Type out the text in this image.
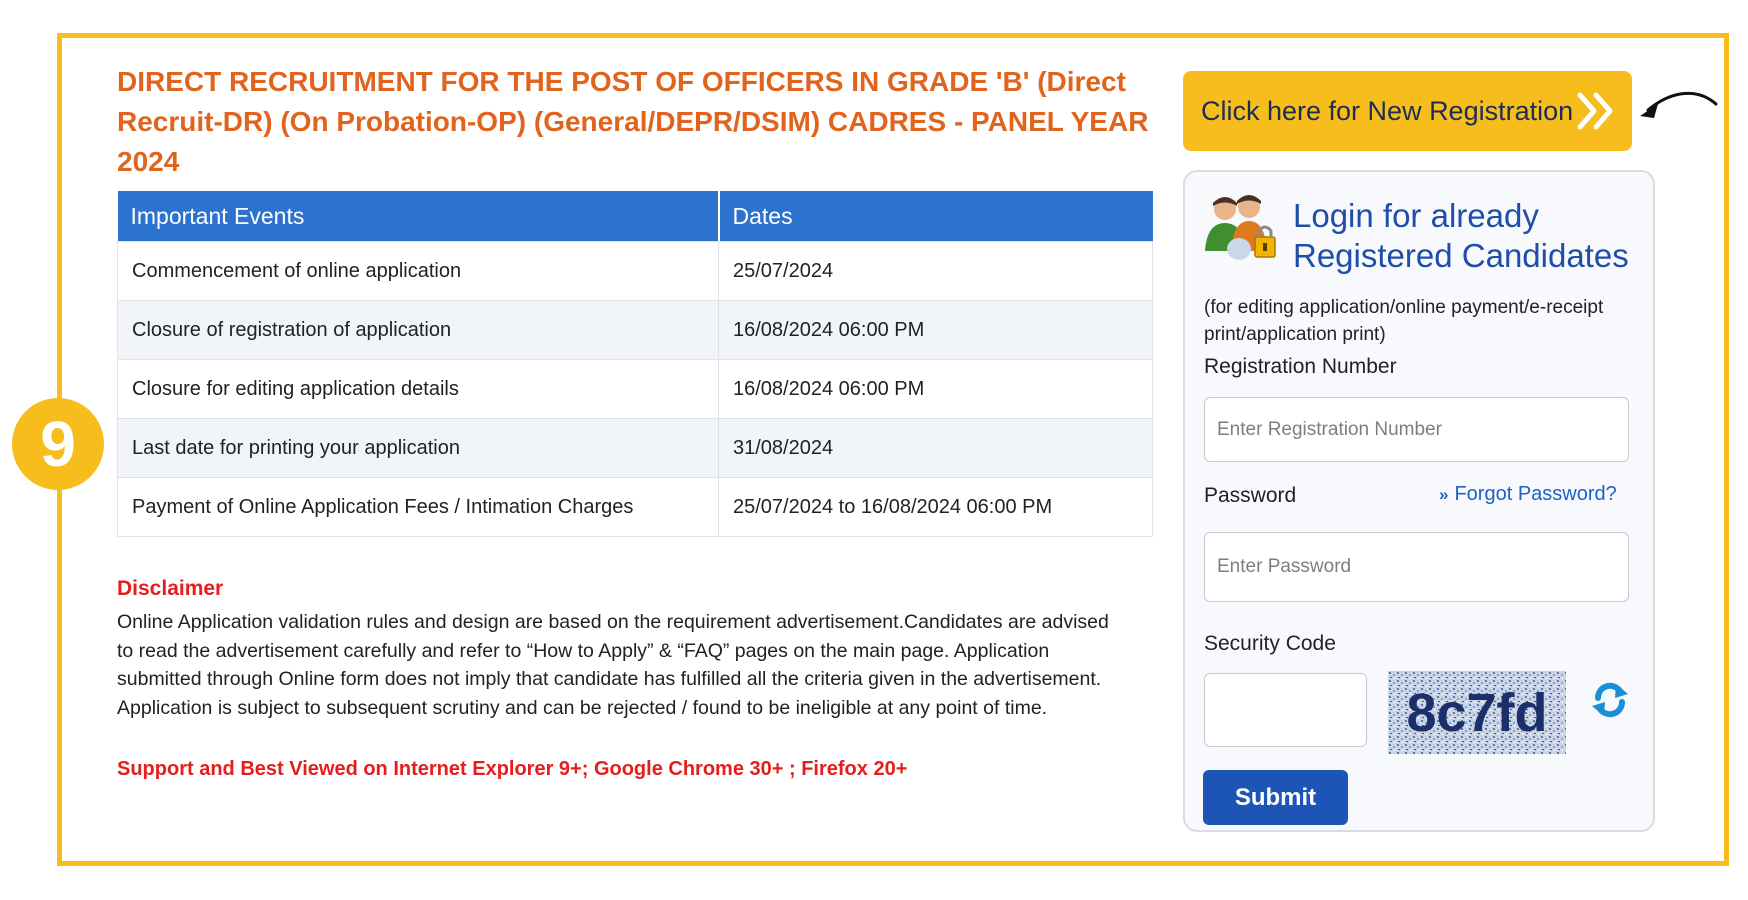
9
DIRECT RECRUITMENT FOR THE POST OF OFFICERS IN GRADE 'B' (Direct Recruit-DR) (On Probation-OP) (General/DEPR/DSIM) CADRES - PANEL YEAR 2024
Important Events	Dates
Commencement of online application	25/07/2024
Closure of registration of application	16/08/2024 06:00 PM
Closure for editing application details	16/08/2024 06:00 PM
Last date for printing your application	31/08/2024
Payment of Online Application Fees / Intimation Charges	25/07/2024 to 16/08/2024 06:00 PM
Disclaimer
Online Application validation rules and design are based on the requirement advertisement.Candidates are advised to read the advertisement carefully and refer to “How to Apply” & “FAQ” pages on the main page. Application submitted through Online form does not imply that candidate has fulfilled all the criteria given in the advertisement. Application is subject to subsequent scrutiny and can be rejected / found to be ineligible at any point of time.
Support and Best Viewed on Internet Explorer 9+; Google Chrome 30+ ; Firefox 20+
Click here for New Registration
Login for already
Registered Candidates
(for editing application/online payment/e-receipt print/application print)
Registration Number
Enter Registration Number
Password	» Forgot Password?
Security Code
8c7fd
Submit
